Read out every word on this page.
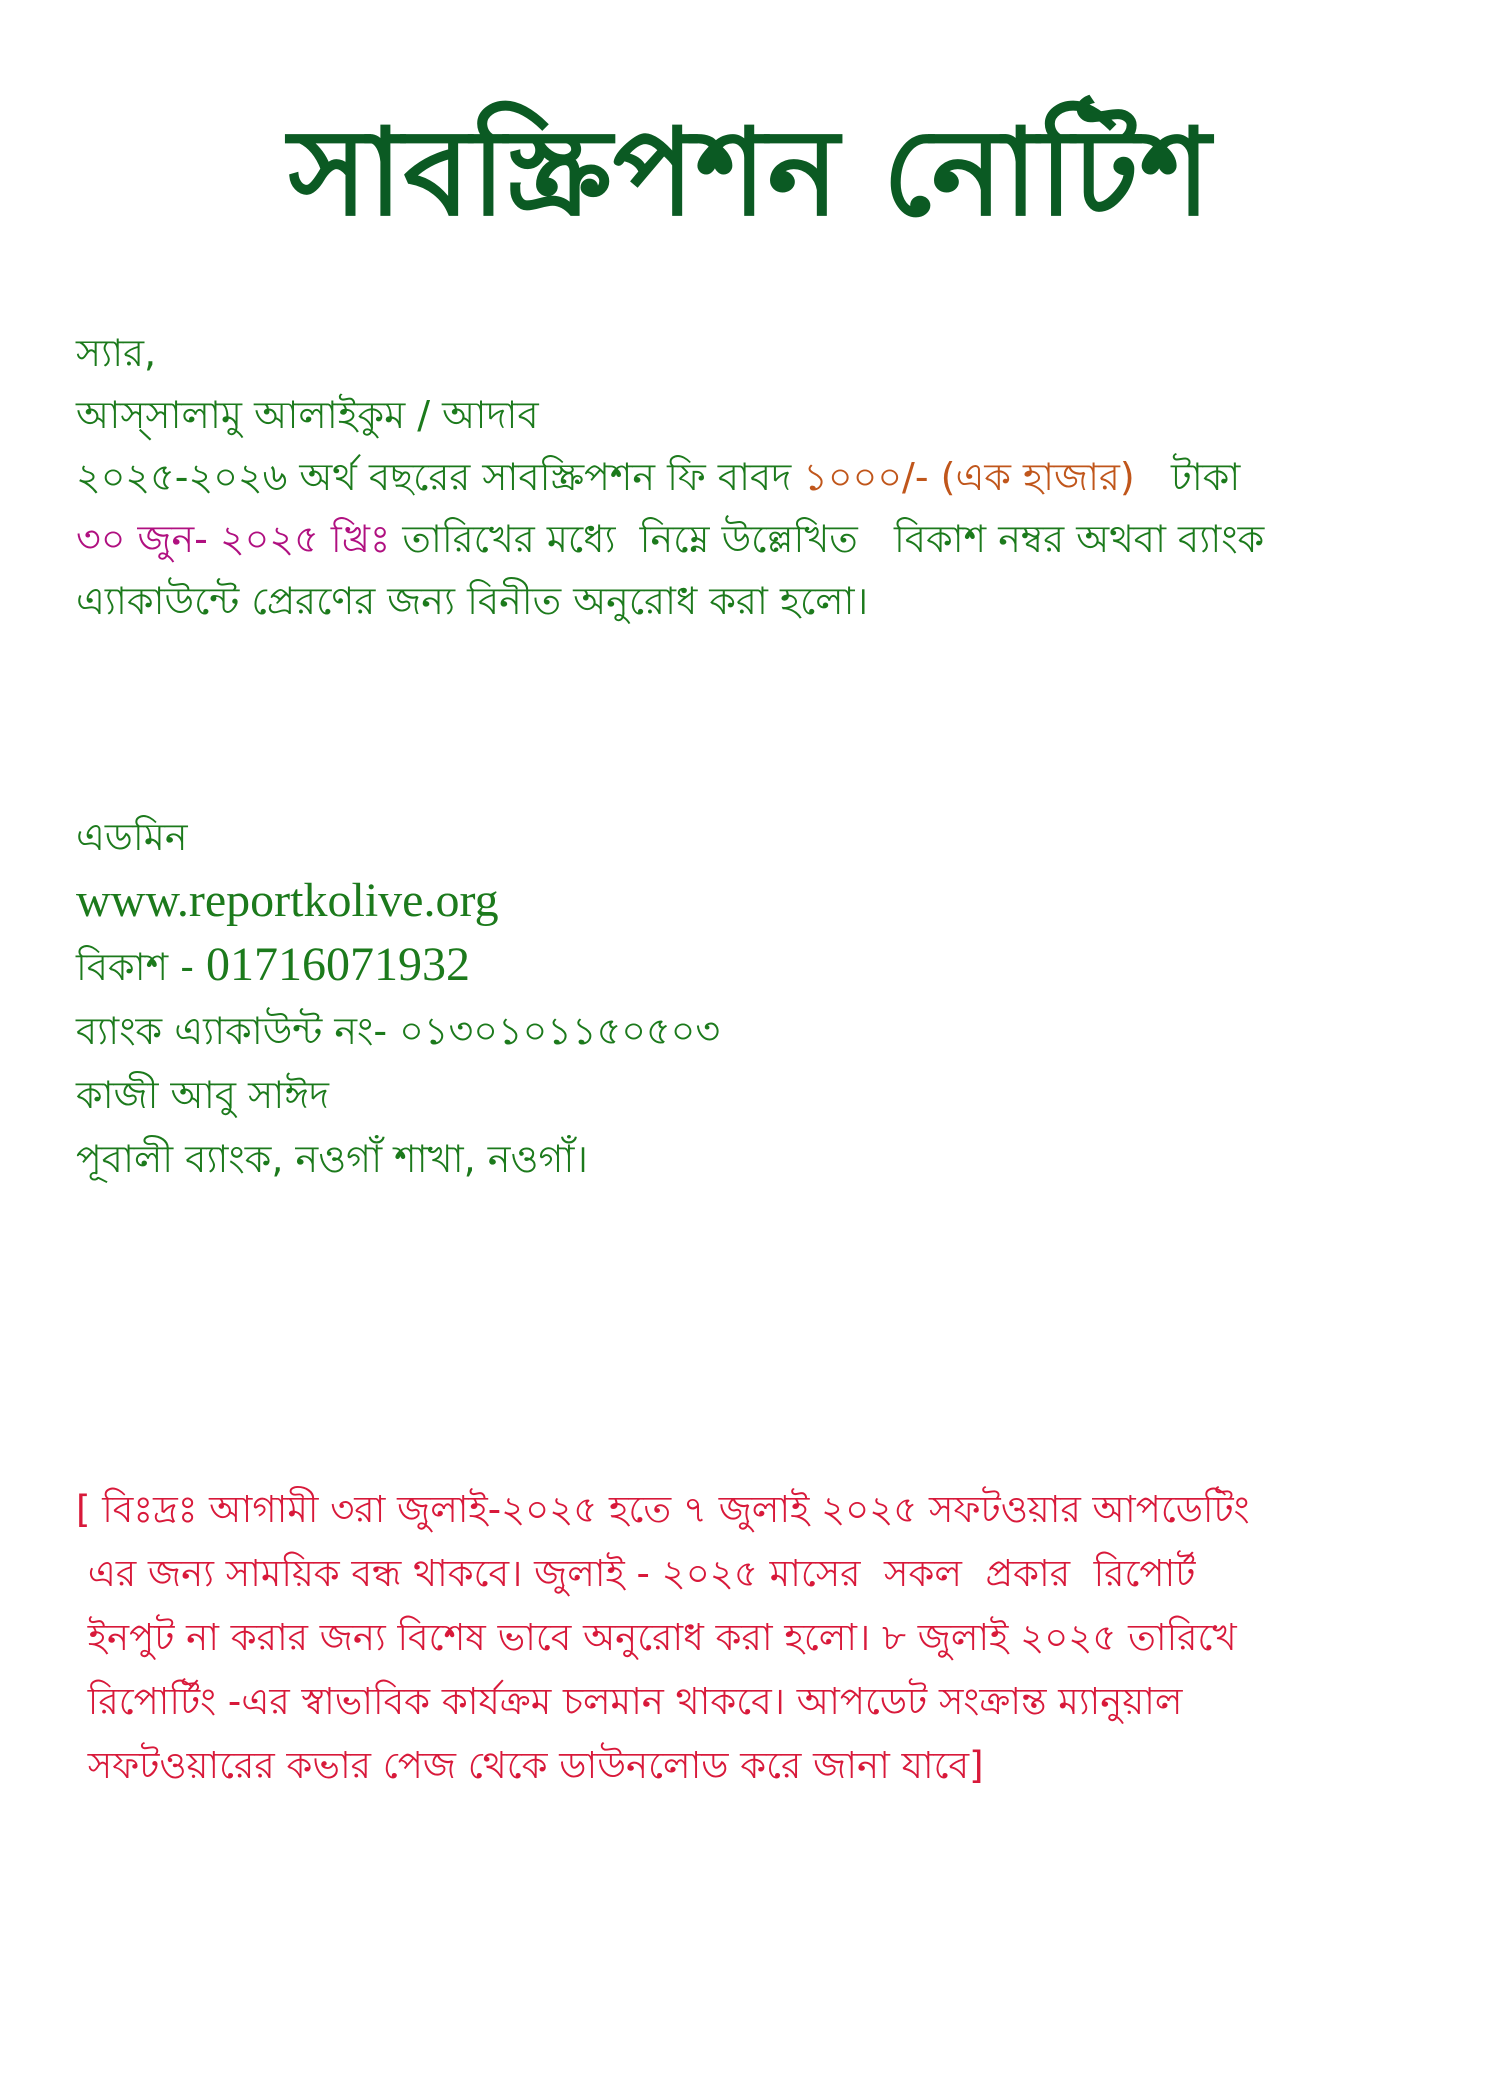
সাবস্ক্রিপশন নোটিশ
স্যার,
আস্সালামু আলাইকুম / আদাব
২০২৫-২০২৬ অর্থ বছরের সাবস্ক্রিপশন ফি বাবদ ১০০০/- (এক হাজার)   টাকা
৩০ জুন- ২০২৫ খ্রিঃ তারিখের মধ্যে  নিম্নে উল্লেখিত   বিকাশ নম্বর অথবা ব্যাংক
এ্যাকাউন্টে প্রেরণের জন্য বিনীত অনুরোধ করা হলো।
এডমিন
www.reportkolive.org
বিকাশ - 01716071932
ব্যাংক এ্যাকাউন্ট নং- ০১৩০১০১১৫০৫০৩
কাজী আবু সাঈদ
পূবালী ব্যাংক, নওগাঁ শাখা, নওগাঁ।
[ বিঃদ্রঃ আগামী ৩রা জুলাই-২০২৫ হতে ৭ জুলাই ২০২৫ সফটওয়ার আপডেটিং
এর জন্য সাময়িক বন্ধ থাকবে। জুলাই - ২০২৫ মাসের  সকল  প্রকার  রিপোর্ট
ইনপুট না করার জন্য বিশেষ ভাবে অনুরোধ করা হলো। ৮ জুলাই ২০২৫ তারিখে
রিপোর্টিং -এর স্বাভাবিক কার্যক্রম চলমান থাকবে। আপডেট সংক্রান্ত ম্যানুয়াল
সফটওয়ারের কভার পেজ থেকে ডাউনলোড করে জানা যাবে]
